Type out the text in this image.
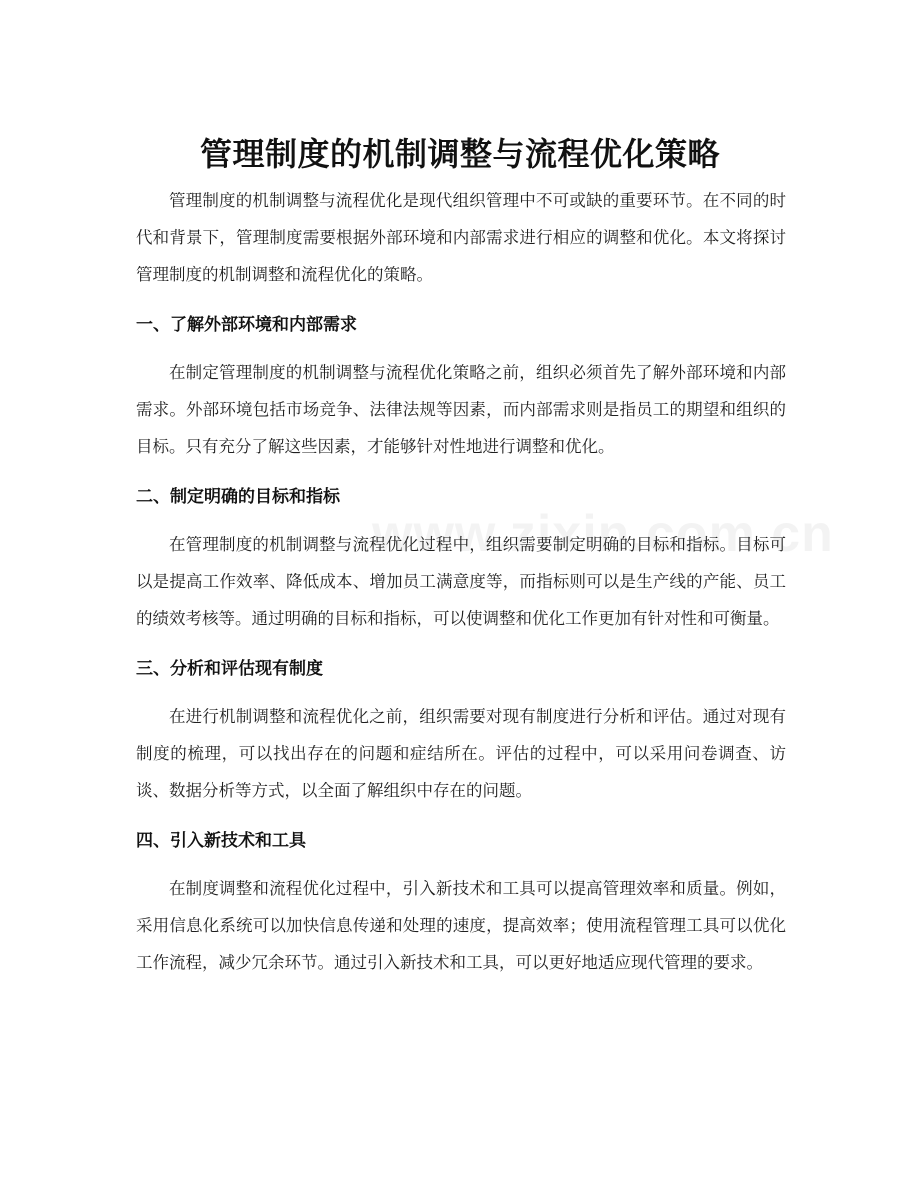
管理制度的机制调整与流程优化策略

管理制度的机制调整与流程优化是现代组织管理中不可或缺的重要环节。在不同的时代和背景下，管理制度需要根据外部环境和内部需求进行相应的调整和优化。本文将探讨管理制度的机制调整和流程优化的策略。

一、了解外部环境和内部需求

在制定管理制度的机制调整与流程优化策略之前，组织必须首先了解外部环境和内部需求。外部环境包括市场竞争、法律法规等因素，而内部需求则是指员工的期望和组织的目标。只有充分了解这些因素，才能够针对性地进行调整和优化。

二、制定明确的目标和指标

在管理制度的机制调整与流程优化过程中，组织需要制定明确的目标和指标。目标可以是提高工作效率、降低成本、增加员工满意度等，而指标则可以是生产线的产能、员工的绩效考核等。通过明确的目标和指标，可以使调整和优化工作更加有针对性和可衡量。

三、分析和评估现有制度

在进行机制调整和流程优化之前，组织需要对现有制度进行分析和评估。通过对现有制度的梳理，可以找出存在的问题和症结所在。评估的过程中，可以采用问卷调查、访谈、数据分析等方式，以全面了解组织中存在的问题。

四、引入新技术和工具

在制度调整和流程优化过程中，引入新技术和工具可以提高管理效率和质量。例如，采用信息化系统可以加快信息传递和处理的速度，提高效率；使用流程管理工具可以优化工作流程，减少冗余环节。通过引入新技术和工具，可以更好地适应现代管理的要求。
